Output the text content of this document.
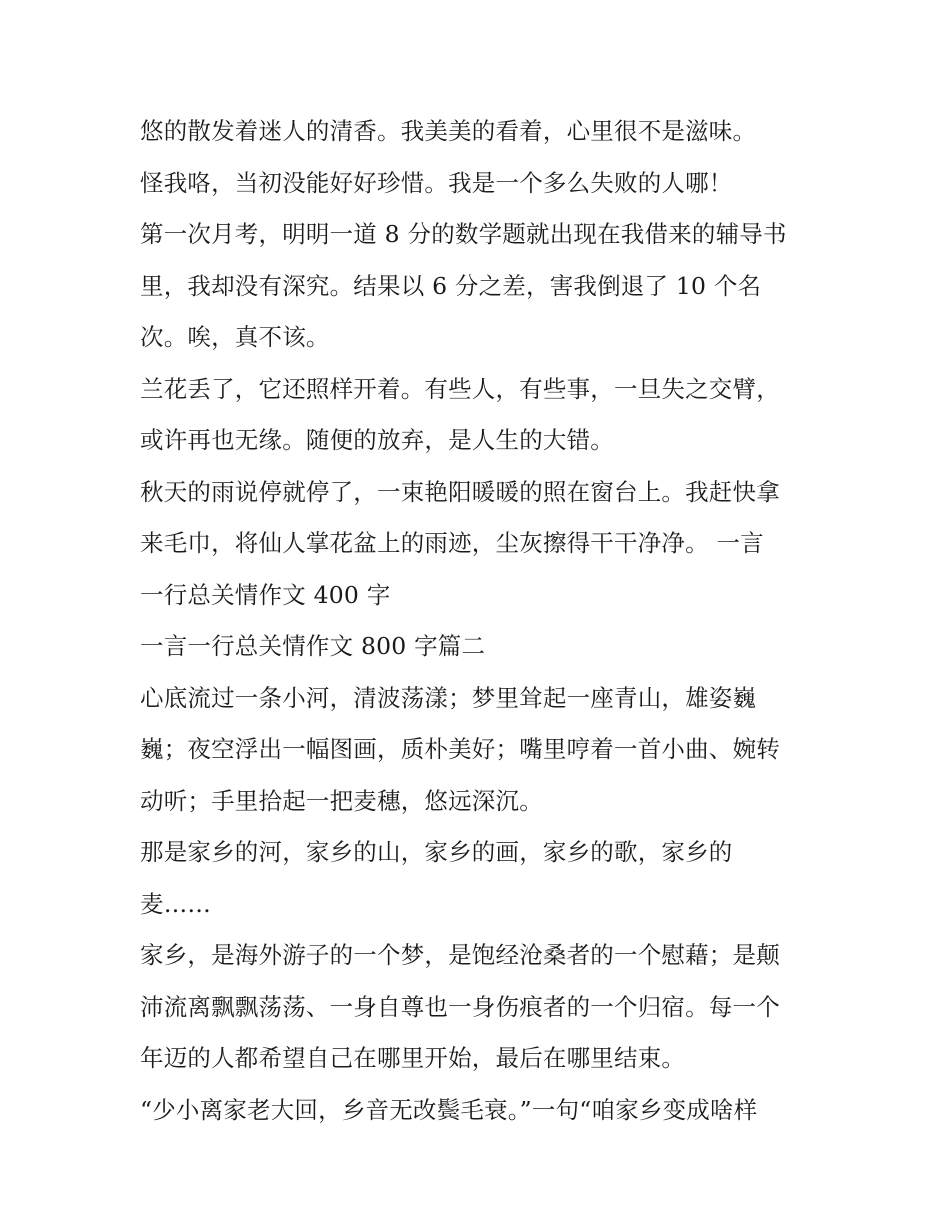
悠的散发着迷人的清香。我美美的看着，心里很不是滋味。
怪我咯，当初没能好好珍惜。我是一个多么失败的人哪！
第一次月考，明明一道 8 分的数学题就出现在我借来的辅导书
里，我却没有深究。结果以 6 分之差，害我倒退了 10 个名
次。唉，真不该。
兰花丢了，它还照样开着。有些人，有些事，一旦失之交臂，
或许再也无缘。随便的放弃，是人生的大错。
秋天的雨说停就停了，一束艳阳暖暖的照在窗台上。我赶快拿
来毛巾，将仙人掌花盆上的雨迹，尘灰擦得干干净净。 一言
一行总关情作文 400 字
一言一行总关情作文 800 字篇二
心底流过一条小河，清波荡漾；梦里耸起一座青山，雄姿巍
巍；夜空浮出一幅图画，质朴美好；嘴里哼着一首小曲、婉转
动听；手里拾起一把麦穗，悠远深沉。
那是家乡的河，家乡的山，家乡的画，家乡的歌，家乡的
麦……
家乡，是海外游子的一个梦，是饱经沧桑者的一个慰藉；是颠
沛流离飘飘荡荡、一身自尊也一身伤痕者的一个归宿。每一个
年迈的人都希望自己在哪里开始，最后在哪里结束。
“少小离家老大回，乡音无改鬓毛衰。”一句“咱家乡变成啥样
